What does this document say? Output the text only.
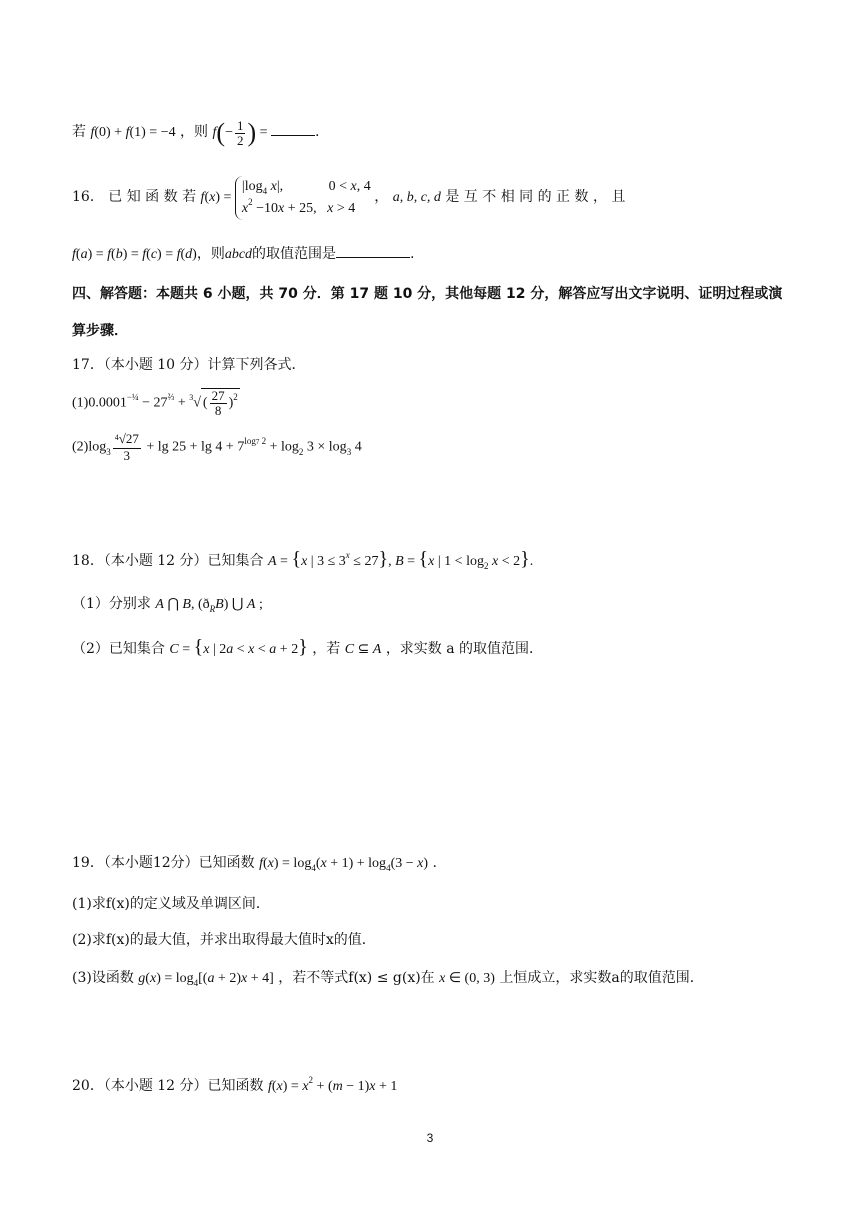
若 f(0) + f(1) = −4 ，则 $f(- \frac{1}{2}$ ) =	.
16． 已 知 函 数 若 f(x) =
$|\log_4$ x|,             0 < x, 4
$x^2 -10x + 25$,   x > 4
， a, b, c, d 是 互 不 相 同 的 正 数 ， 且
f(a) = f(b) = f(c) = f(d)，则abcd的取值范围是	.
四、解答题：本题共 6 小题，共 70 分．第 17 题 10 分，其他每题 12 分，解答应写出文字说明、证明过程或演
算步骤．
17．（本小题 10 分）计算下列各式．
$(1)0.0001^{-\frac{1}{4}} - 27^{\frac{2}{3}} + ^3√$ ( $\frac{27}{8} )^2$
$(2)\log_3 \frac{^4√27}{3} + \lg 25 + \lg 4 + 7^{log7 2} + \log_2 3 \times \log_3 4$
18．（本小题 12 分）已知集合 A = {x | $3 \le 3^x \le 27$}, B = {x | $1 < \log_2 x < 2$}.
（1）分别求 A ⋂ B, $(ð_RB)$ ⋃ A ;
（2）已知集合 C = {x | 2a < x < a + 2} ，若 C ⊆ A ，求实数 a 的取值范围．
19．（本小题12分）已知函数 $f(x) = \log_4(x + 1) + \log_4(3 - x)$ .
(1)求f(x)的定义域及单调区间．
(2)求f(x)的最大值，并求出取得最大值时x的值．
(3)设函数 $g(x) = \log_4[(a + 2)x + 4]$ ，若不等式f(x) ≤ g(x)在 x ∈ (0, 3) 上恒成立，求实数a的取值范围．
20．（本小题 12 分）已知函数 $f(x) = x^2 + (m - 1)x + 1$
3
